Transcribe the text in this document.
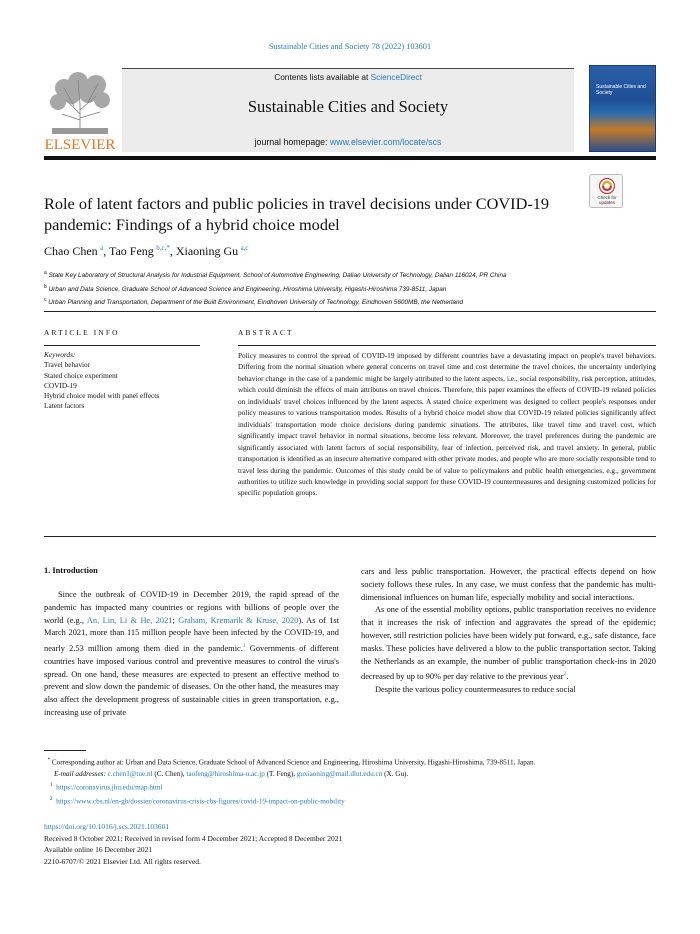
Sustainable Cities and Society 78 (2022) 103601
ELSEVIER
Contents lists available at ScienceDirect
Sustainable Cities and Society
journal homepage: www.elsevier.com/locate/scs
Sustainable Cities and Society
Check for updates
Role of latent factors and public policies in travel decisions under COVID-19 pandemic: Findings of a hybrid choice model
Chao Chen  $^a$, Tao Feng  $^{b,c,*}$, Xiaoning Gu  $^{a,c}$
$^a$ State Key Laboratory of Structural Analysis for Industrial Equipment, School of Automotive Engineering, Dalian University of Technology, Dalian 116024, PR China
$^b$ Urban and Data Science, Graduate School of Advanced Science and Engineering, Hiroshima University, Higashi-Hiroshima 739-8511, Japan
$^c$ Urban Planning and Transportation, Department of the Built Environment, Eindhoven University of Technology, Eindhoven 5600MB, the Netherland
ARTICLE INFO	ABSTRACT
Keywords:
Travel behavior
Stated choice experiment
COVID-19
Hybrid choice model with panel effects
Latent factors
Policy measures to control the spread of COVID-19 imposed by different countries have a devastating impact on people's travel behaviors. Differing from the normal situation where general concerns on travel time and cost determine the travel choices, the uncertainty underlying behavior change in the case of a pandemic might be largely attributed to the latent aspects, i.e., social responsibility, risk perception, attitudes, which could diminish the effects of main attributes on travel choices. Therefore, this paper examines the effects of COVID-19 related policies on individuals' travel choices influenced by the latent aspects. A stated choice experiment was designed to collect people's responses under policy measures to various transportation modes. Results of a hybrid choice model show that COVID-19 related policies significantly affect individuals' transportation mode choice decisions during pandemic situations. The attributes, like travel time and travel cost, which significantly impact travel behavior in normal situations, become less relevant. Moreover, the travel preferences during the pandemic are significantly associated with latent factors of social responsibility, fear of infection, perceived risk, and travel anxiety. In general, public transportation is identified as an insecure alternative compared with other private modes, and people who are more socially responsible tend to travel less during the pandemic. Outcomes of this study could be of value to policymakers and public health emergencies, e.g., government authorities to utilize such knowledge in providing social support for these COVID-19 countermeasures and designing customized policies for specific population groups.
1. Introduction

Since the outbreak of COVID-19 in December 2019, the rapid spread of the pandemic has impacted many countries or regions with billions of people over the world (e.g., An, Lin, Li & He, 2021; Graham, Kremarik & Kruse, 2020). As of 1st March 2021, more than 115 million people have been infected by the COVID-19, and nearly 2.53 million among them died in the pandemic.$^1$ Governments of different countries have imposed various control and preventive measures to control the virus's spread. On one hand, these measures are expected to present an effective method to prevent and slow down the pandemic of diseases. On the other hand, the measures may also affect the development progress of sustainable cities in green transportation, e.g., increasing use of private

cars and less public transportation. However, the practical effects depend on how society follows these rules. In any case, we must confess that the pandemic has multi-dimensional influences on human life, especially mobility and social interactions.

As one of the essential mobility options, public transportation receives no evidence that it increases the risk of infection and aggravates the spread of the epidemic; however, still restriction policies have been widely put forward, e.g., safe distance, face masks. These policies have delivered a blow to the public transportation sector. Taking the Netherlands as an example, the number of public transportation check-ins in 2020 decreased by up to 90% per day relative to the previous year$^2$.

Despite the various policy countermeasures to reduce social

* Corresponding author at: Urban and Data Science, Graduate School of Advanced Science and Engineering, Hiroshima University, Higashi-Hiroshima, 739-8511, Japan.
E-mail addresses: c.chen1@tue.nl (C. Chen), taofeng@hiroshima-u.ac.jp (T. Feng), guxiaoning@mail.dlut.edu.cn (X. Gu).
$^1$ https://coronavirus.jhu.edu/map.html
$^2$ https://www.cbs.nl/en-gb/dossier/coronavirus-crisis-cbs-figures/covid-19-impact-on-public-mobility
https://doi.org/10.1016/j.scs.2021.103601
Received 8 October 2021; Received in revised form 4 December 2021; Accepted 8 December 2021
Available online 16 December 2021
2210-6707/© 2021 Elsevier Ltd. All rights reserved.
